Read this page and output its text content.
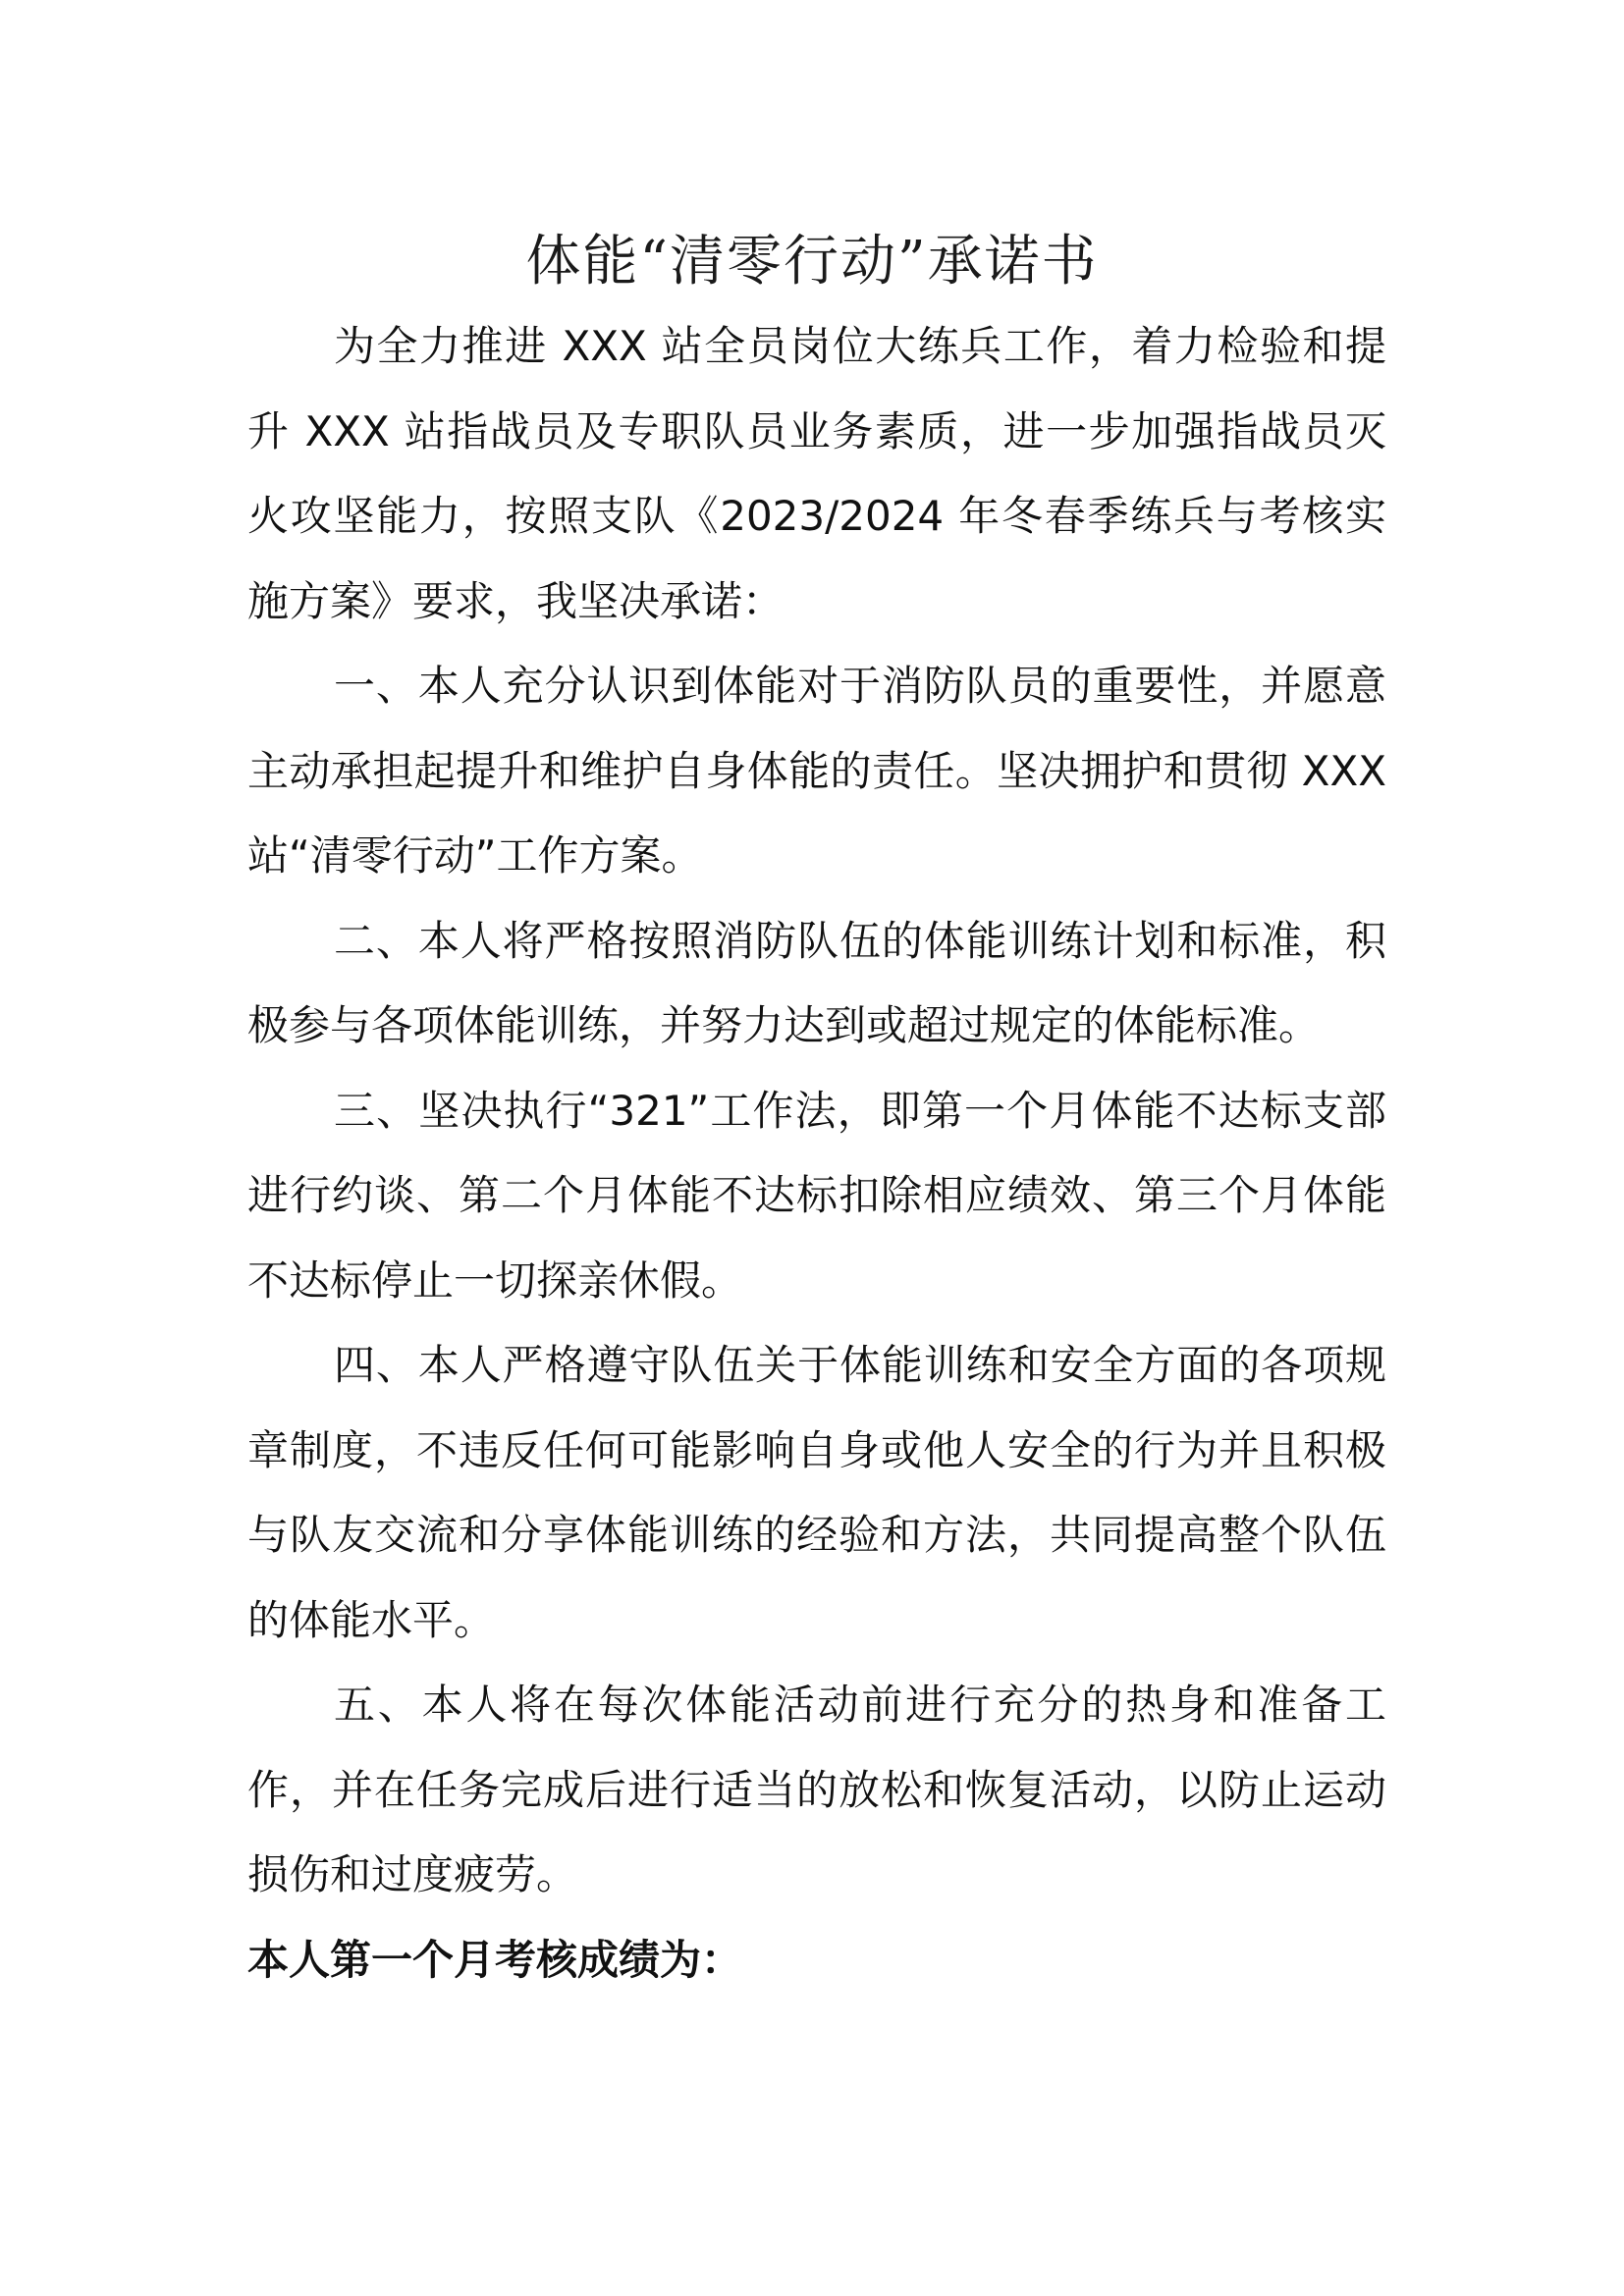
体能“清零行动”承诺书

为全力推进 XXX 站全员岗位大练兵工作，着力检验和提升 XXX 站指战员及专职队员业务素质，进一步加强指战员灭火攻坚能力，按照支队《2023/2024 年冬春季练兵与考核实施方案》要求，我坚决承诺：

一、本人充分认识到体能对于消防队员的重要性，并愿意主动承担起提升和维护自身体能的责任。坚决拥护和贯彻 XXX 站“清零行动”工作方案。

二、本人将严格按照消防队伍的体能训练计划和标准，积极参与各项体能训练，并努力达到或超过规定的体能标准。

三、坚决执行“321”工作法，即第一个月体能不达标支部进行约谈、第二个月体能不达标扣除相应绩效、第三个月体能不达标停止一切探亲休假。

四、本人严格遵守队伍关于体能训练和安全方面的各项规章制度，不违反任何可能影响自身或他人安全的行为并且积极与队友交流和分享体能训练的经验和方法，共同提高整个队伍的体能水平。

五、本人将在每次体能活动前进行充分的热身和准备工作，并在任务完成后进行适当的放松和恢复活动，以防止运动损伤和过度疲劳。

本人第一个月考核成绩为：
